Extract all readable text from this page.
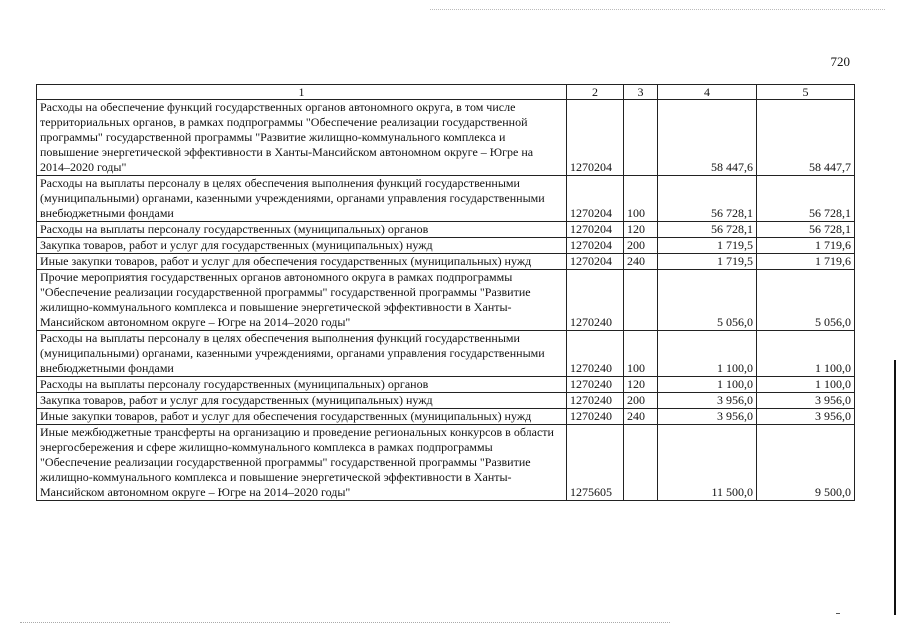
720
1	2	3	4	5
Расходы на обеспечение функций государственных органов автономного округа, в том числе территориальных органов, в рамках подпрограммы "Обеспечение реализации государственной программы" государственной программы "Развитие жилищно-коммунального комплекса и повышение энергетической эффективности в Ханты-Мансийском автономном округе – Югре на 2014–2020 годы"	1270204		58 447,6	58 447,7
Расходы на выплаты персоналу в целях обеспечения выполнения функций государственными (муниципальными) органами, казенными учреждениями, органами управления государственными внебюджетными фондами	1270204	100	56 728,1	56 728,1
Расходы на выплаты персоналу государственных (муниципальных) органов	1270204	120	56 728,1	56 728,1
Закупка товаров, работ и услуг для государственных (муниципальных) нужд	1270204	200	1 719,5	1 719,6
Иные закупки товаров, работ и услуг для обеспечения государственных (муниципальных) нужд	1270204	240	1 719,5	1 719,6
Прочие мероприятия государственных органов автономного округа в рамках подпрограммы "Обеспечение реализации государственной программы" государственной программы "Развитие жилищно-коммунального комплекса и повышение энергетической эффективности в Ханты-Мансийском автономном округе – Югре на 2014–2020 годы"	1270240		5 056,0	5 056,0
Расходы на выплаты персоналу в целях обеспечения выполнения функций государственными (муниципальными) органами, казенными учреждениями, органами управления государственными внебюджетными фондами	1270240	100	1 100,0	1 100,0
Расходы на выплаты персоналу государственных (муниципальных) органов	1270240	120	1 100,0	1 100,0
Закупка товаров, работ и услуг для государственных (муниципальных) нужд	1270240	200	3 956,0	3 956,0
Иные закупки товаров, работ и услуг для обеспечения государственных (муниципальных) нужд	1270240	240	3 956,0	3 956,0
Иные межбюджетные трансферты на организацию и проведение региональных конкурсов в области энергосбережения и сфере жилищно-коммунального комплекса в рамках подпрограммы "Обеспечение реализации государственной программы" государственной программы "Развитие жилищно-коммунального комплекса и повышение энергетической эффективности в Ханты-Мансийском автономном округе – Югре на 2014–2020 годы"	1275605		11 500,0	9 500,0
